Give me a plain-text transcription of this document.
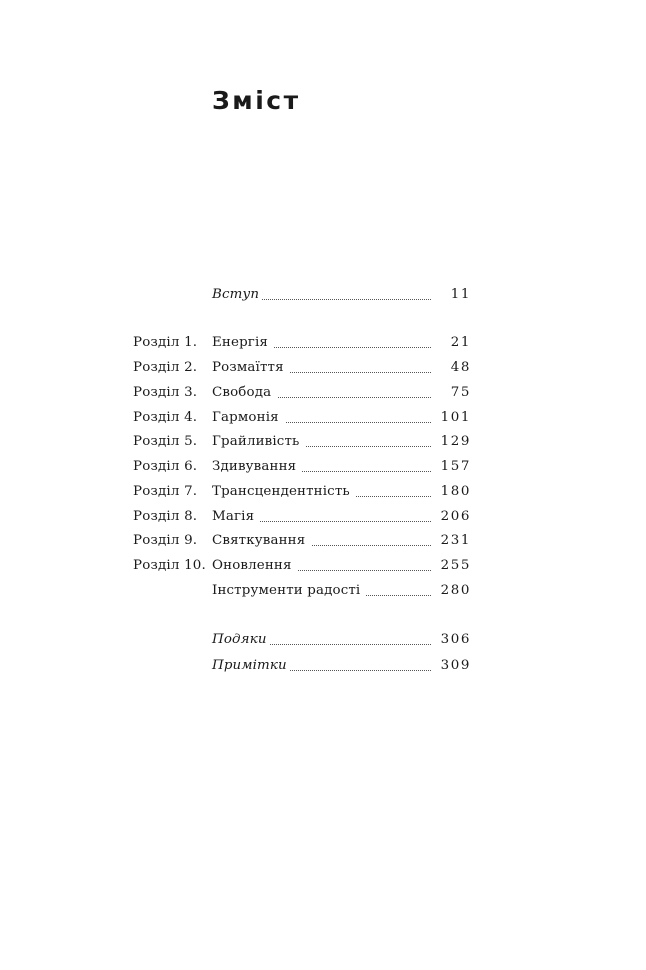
Зміст
Вступ	11
Розділ 1. Енергія	21
Розділ 2. Розмаїття	48
Розділ 3. Свобода	75
Розділ 4. Гармонія	101
Розділ 5. Грайливість	129
Розділ 6. Здивування	157
Розділ 7. Трансцендентність	180
Розділ 8. Магія	206
Розділ 9. Святкування	231
Розділ 10. Оновлення	255
Інструменти радості	280
Подяки	306
Примітки	309
